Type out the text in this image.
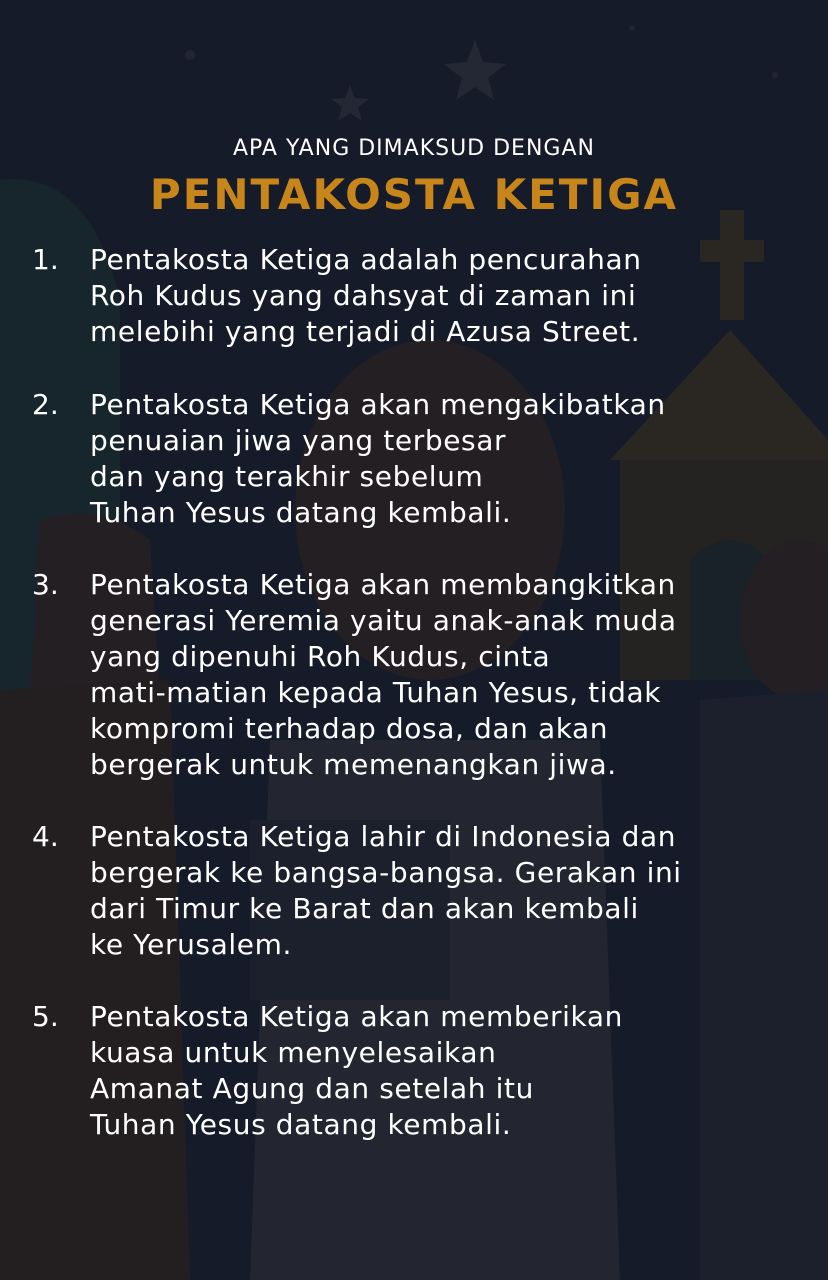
APA YANG DIMAKSUD DENGAN
PENTAKOSTA KETIGA
1. Pentakosta Ketiga adalah pencurahan
Roh Kudus yang dahsyat di zaman ini
melebihi yang terjadi di Azusa Street.
2. Pentakosta Ketiga akan mengakibatkan
penuaian jiwa yang terbesar
dan yang terakhir sebelum
Tuhan Yesus datang kembali.
3. Pentakosta Ketiga akan membangkitkan
generasi Yeremia yaitu anak-anak muda
yang dipenuhi Roh Kudus, cinta
mati-matian kepada Tuhan Yesus, tidak
kompromi terhadap dosa, dan akan
bergerak untuk memenangkan jiwa.
4. Pentakosta Ketiga lahir di Indonesia dan
bergerak ke bangsa-bangsa. Gerakan ini
dari Timur ke Barat dan akan kembali
ke Yerusalem.
5. Pentakosta Ketiga akan memberikan
kuasa untuk menyelesaikan
Amanat Agung dan setelah itu
Tuhan Yesus datang kembali.
